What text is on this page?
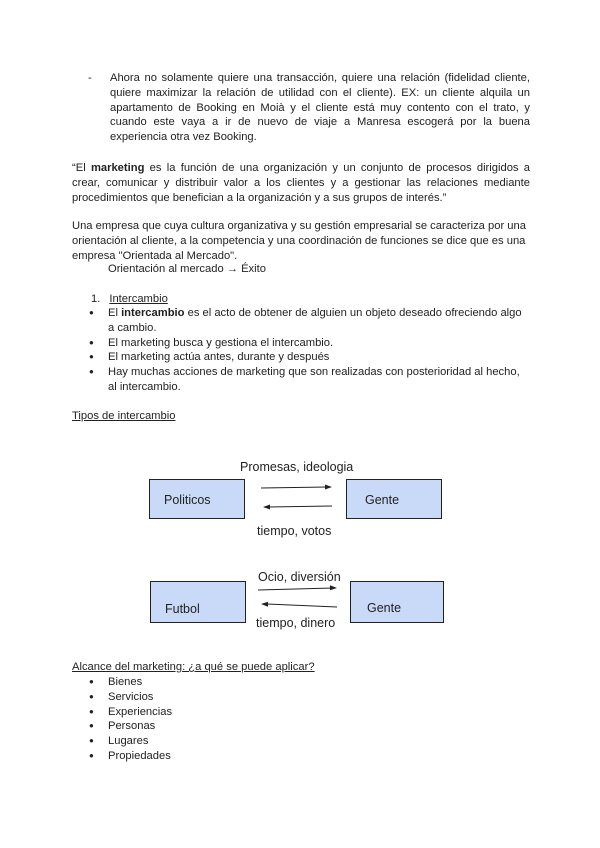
- Ahora no solamente quiere una transacción, quiere una relación (fidelidad cliente, quiere maximizar la relación de utilidad con el cliente). EX: un cliente alquila un apartamento de Booking en Moià y el cliente está muy contento con el trato, y cuando este vaya a ir de nuevo de viaje a Manresa escogerá por la buena experiencia otra vez Booking.
“El marketing es la función de una organización y un conjunto de procesos dirigidos a crear, comunicar y distribuir valor a los clientes y a gestionar las relaciones mediante procedimientos que benefician a la organización y a sus grupos de interés.”
Una empresa que cuya cultura organizativa y su gestión empresarial se caracteriza por una orientación al cliente, a la competencia y una coordinación de funciones se dice que es una empresa "Orientada al Mercado".
Orientación al mercado → Éxito
1. Intercambio
● El intercambio es el acto de obtener de alguien un objeto deseado ofreciendo algo a cambio.
● El marketing busca y gestiona el intercambio.
● El marketing actúa antes, durante y después
● Hay muchas acciones de marketing que son realizadas con posterioridad al hecho, al intercambio.
Tipos de intercambio
Promesas, ideologia
Politicos	Gente
tiempo, votos
Ocio, diversión
Futbol	Gente
tiempo, dinero
Alcance del marketing: ¿a qué se puede aplicar?
● Bienes
● Servicios
● Experiencias
● Personas
● Lugares
● Propiedades
